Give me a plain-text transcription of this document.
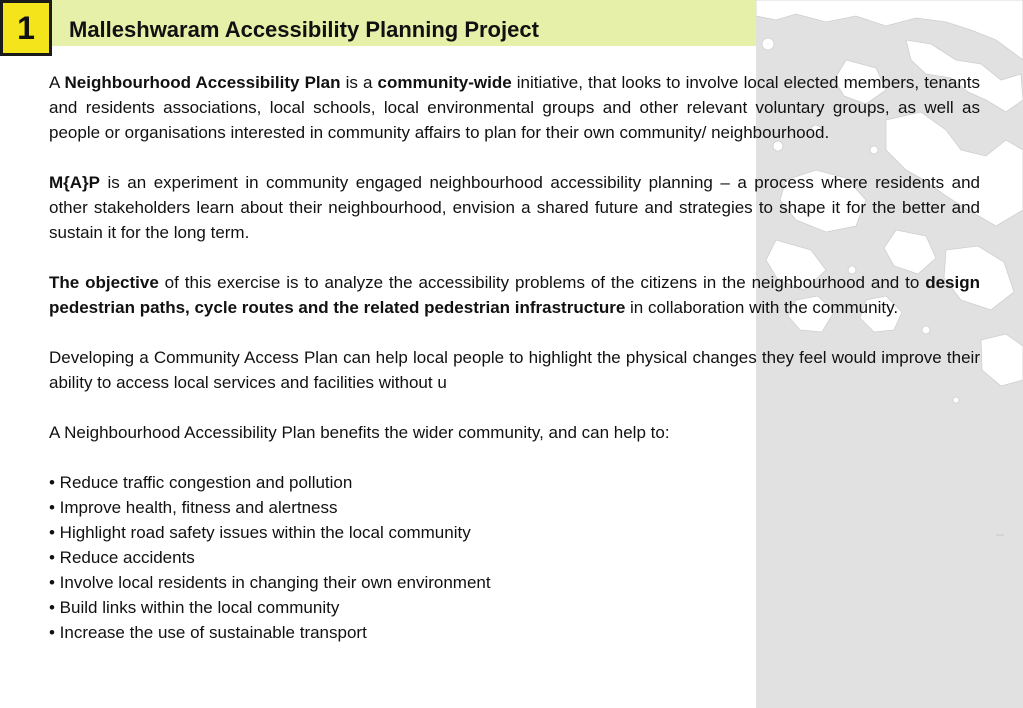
1 Malleshwaram Accessibility Planning Project

A Neighbourhood Accessibility Plan is a community-wide initiative, that looks to involve local elected members, tenants and residents associations, local schools, local environmental groups and other relevant voluntary groups, as well as people or organisations interested in community affairs to plan for their own community/ neighbourhood.

M{A}P is an experiment in community engaged neighbourhood accessibility planning – a process where residents and other stakeholders learn about their neighbourhood, envision a shared future and strategies to shape it for the better and sustain it for the long term.

The objective of this exercise is to analyze the accessibility problems of the citizens in the neighbourhood and to design pedestrian paths, cycle routes and the related pedestrian infrastructure in collaboration with the community.

Developing a Community Access Plan can help local people to highlight the physical changes they feel would improve their ability to access local services and facilities without u

A Neighbourhood Accessibility Plan benefits the wider community, and can help to:

• Reduce traffic congestion and pollution
• Improve health, fitness and alertness
• Highlight road safety issues within the local community
• Reduce accidents
• Involve local residents in changing their own environment
• Build links within the local community
• Increase the use of sustainable transport
